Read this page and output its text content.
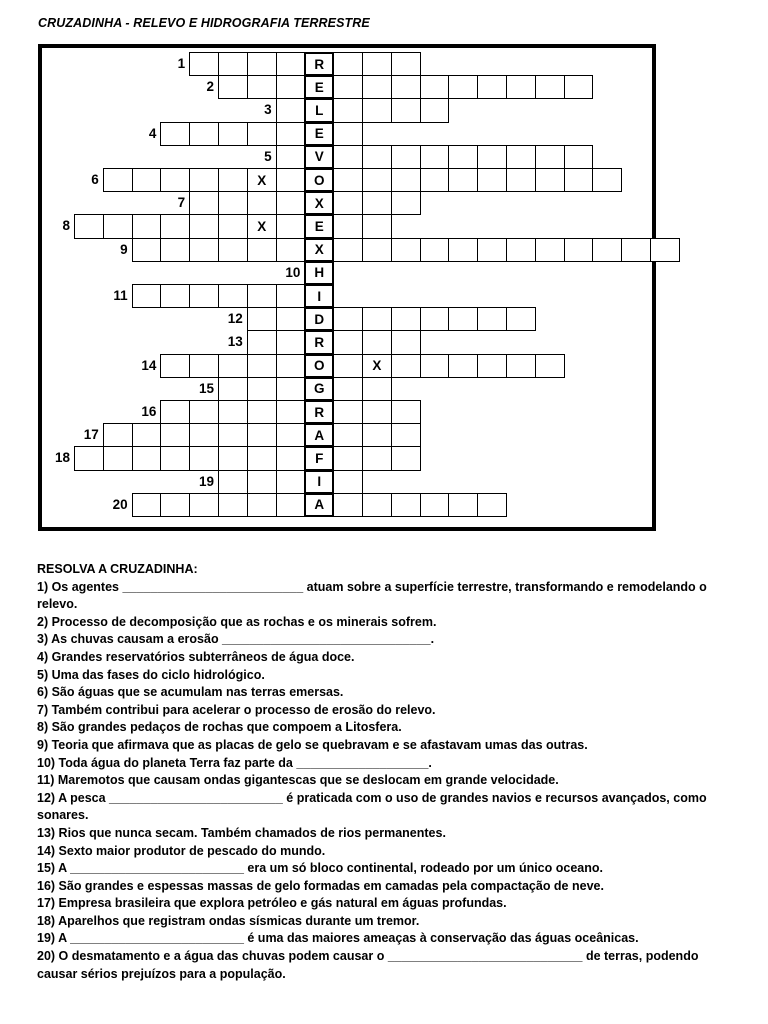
CRUZADINHA - RELEVO E HIDROGRAFIA TERRESTRE
1	R
2	E
3	L
4	E
5	V
6	X	O
7	X
8	X	E
9	X
10	H
11	I
12	D
13	R
14	O	X
15	G
16	R
17	A
18	F
19	I
20	A

RESOLVA A CRUZADINHA:

1) Os agentes __________________________ atuam sobre a superfície terrestre, transformando e remodelando o relevo.

2) Processo de decomposição que as rochas e os minerais sofrem.

3) As chuvas causam a erosão ______________________________.

4) Grandes reservatórios subterrâneos de água doce.

5) Uma das fases do ciclo hidrológico.

6) São águas que se acumulam nas terras emersas.

7) Também contribui para acelerar o processo de erosão do relevo.

8) São grandes pedaços de rochas que compoem a Litosfera.

9) Teoria que afirmava que as placas de gelo se quebravam e se afastavam umas das outras.

10) Toda água do planeta Terra faz parte da ___________________.

11) Maremotos que causam ondas gigantescas que se deslocam em grande velocidade.

12) A pesca _________________________ é praticada com o uso de grandes navios e recursos avançados, como sonares.

13) Rios que nunca secam. Também chamados de rios permanentes.

14) Sexto maior produtor de pescado do mundo.

15) A _________________________ era um só bloco continental, rodeado por um único oceano.

16) São grandes e espessas massas de gelo formadas em camadas pela compactação de neve.

17) Empresa brasileira que explora petróleo e gás natural em águas profundas.

18) Aparelhos que registram ondas sísmicas durante um tremor.

19) A _________________________ é uma das maiores ameaças à conservação das águas oceânicas.

20) O desmatamento e a água das chuvas podem causar o ____________________________ de terras, podendo causar sérios prejuízos para a população.
